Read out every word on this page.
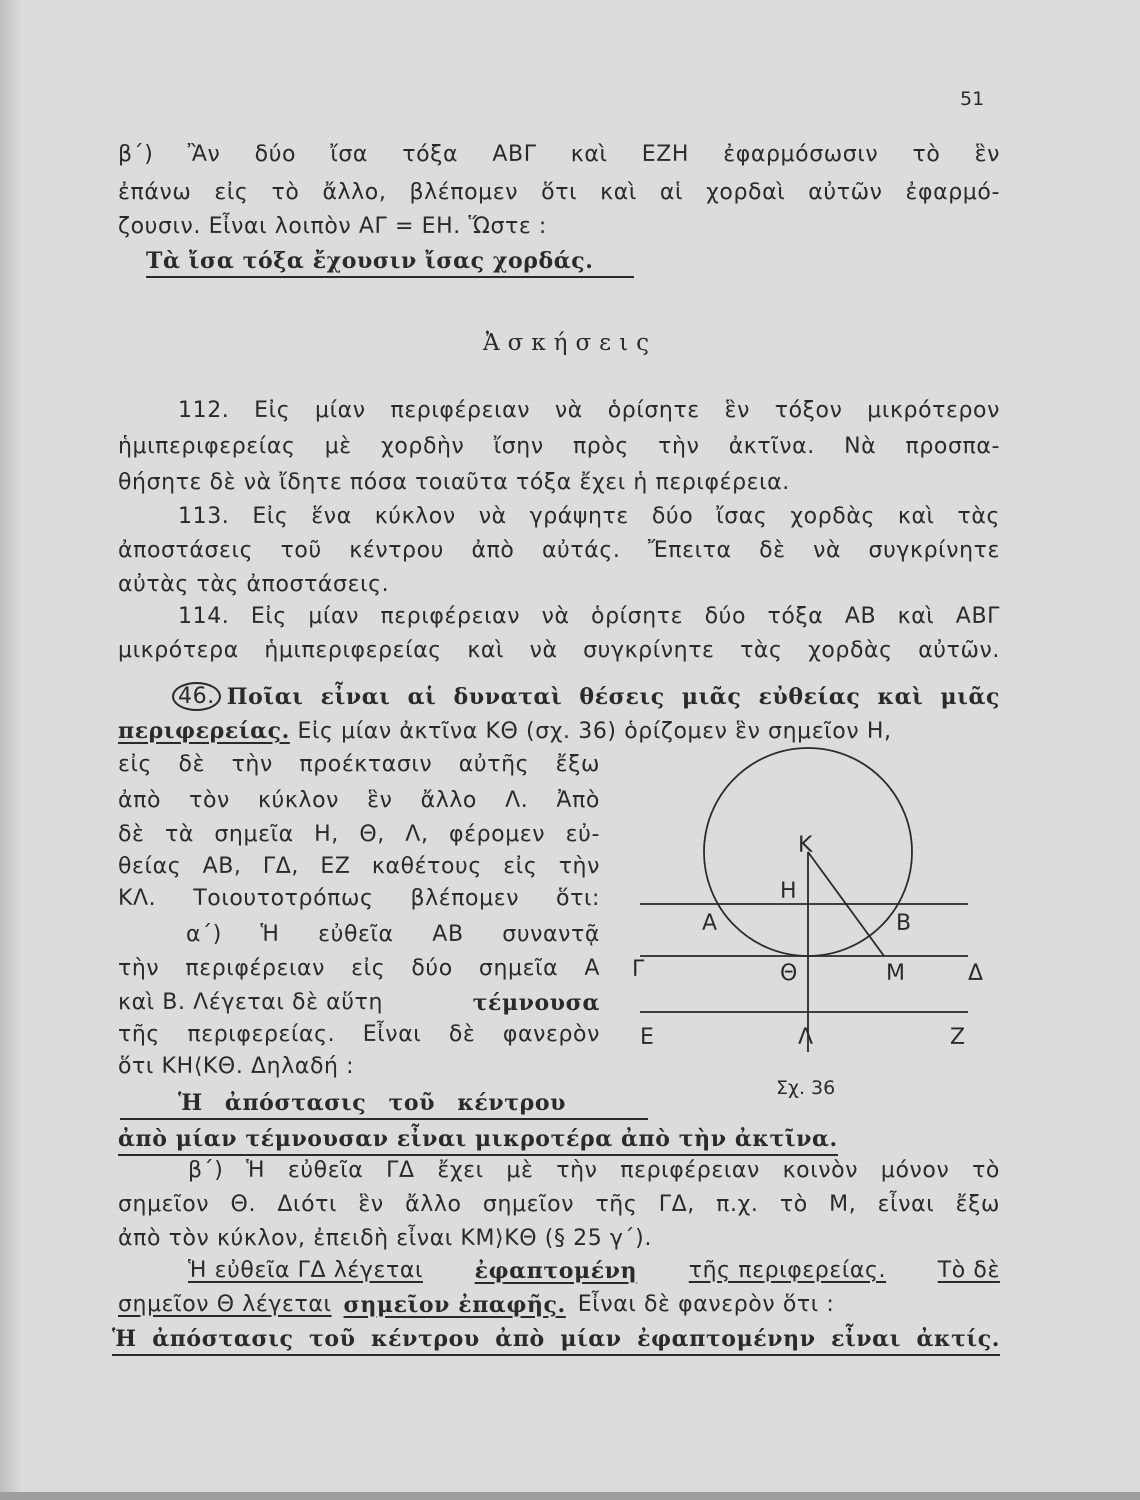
51
β΄) Ἂν δύο ἴσα τόξα ΑΒΓ καὶ ΕΖΗ ἐφαρμόσωσιν τὸ ἓν
ἐπάνω εἰς τὸ ἄλλο, βλέπομεν ὅτι καὶ αἱ χορδαὶ αὐτῶν ἐφαρμό-
ζουσιν. Εἶναι λοιπὸν ΑΓ = ΕΗ. Ὥστε :
Τὰ ἴσα τόξα ἔχουσιν ἴσας χορδάς.
Ἀσκήσεις
112. Εἰς μίαν περιφέρειαν νὰ ὁρίσητε ἓν τόξον μικρότερον
ἡμιπεριφερείας μὲ χορδὴν ἴσην πρὸς τὴν ἀκτῖνα. Νὰ προσπα-
θήσητε δὲ νὰ ἴδητε πόσα τοιαῦτα τόξα ἔχει ἡ περιφέρεια.
113. Εἰς ἕνα κύκλον νὰ γράψητε δύο ἴσας χορδὰς καὶ τὰς
ἀποστάσεις τοῦ κέντρου ἀπὸ αὐτάς. Ἔπειτα δὲ νὰ συγκρίνητε
αὐτὰς τὰς ἀποστάσεις.
114. Εἰς μίαν περιφέρειαν νὰ ὁρίσητε δύο τόξα ΑΒ καὶ ΑΒΓ
μικρότερα ἡμιπεριφερείας καὶ νὰ συγκρίνητε τὰς χορδὰς αὐτῶν.
46. Ποῖαι εἶναι αἱ δυναταὶ θέσεις μιᾶς εὐθείας καὶ μιᾶς
περιφερείας. Εἰς μίαν ἀκτῖνα ΚΘ (σχ. 36) ὁρίζομεν ἓν σημεῖον Η,
εἰς δὲ τὴν προέκτασιν αὐτῆς ἔξω
ἀπὸ τὸν κύκλον ἓν ἄλλο Λ. Ἀπὸ
δὲ τὰ σημεῖα Η, Θ, Λ, φέρομεν εὐ-
θείας ΑΒ, ΓΔ, ΕΖ καθέτους εἰς τὴν
ΚΛ. Τοιουτοτρόπως βλέπομεν ὅτι:
α΄) Ἡ εὐθεῖα ΑΒ συναντᾷ
τὴν περιφέρειαν εἰς δύο σημεῖα Α
καὶ Β. Λέγεται δὲ αὕτη	τέμνουσα
τῆς περιφερείας. Εἶναι δὲ φανερὸν
ὅτι ΚΗ⟨ΚΘ. Δηλαδή :
Ἡ ἀπόστασις τοῦ κέντρου
ἀπὸ μίαν τέμνουσαν εἶναι μικροτέρα ἀπὸ τὴν ἀκτῖνα.
β΄) Ἡ εὐθεῖα ΓΔ ἔχει μὲ τὴν περιφέρειαν κοινὸν μόνον τὸ
σημεῖον Θ. Διότι ἓν ἄλλο σημεῖον τῆς ΓΔ, π.χ. τὸ Μ, εἶναι ἔξω
ἀπὸ τὸν κύκλον, ἐπειδὴ εἶναι ΚΜ⟩ΚΘ (§ 25 γ΄).
Ἡ εὐθεῖα ΓΔ λέγεται ἐφαπτομένη τῆς περιφερείας. Τὸ δὲ
σημεῖον Θ λέγεται σημεῖον ἐπαφῆς. Εἶναι δὲ φανερὸν ὅτι :
Ἡ ἀπόστασις τοῦ κέντρου ἀπὸ μίαν ἐφαπτομένην εἶναι ἀκτίς.
Κ
Η
Α	Β
Γ	Θ	Μ	Δ
Ε	Λ	Ζ
Σχ. 36
